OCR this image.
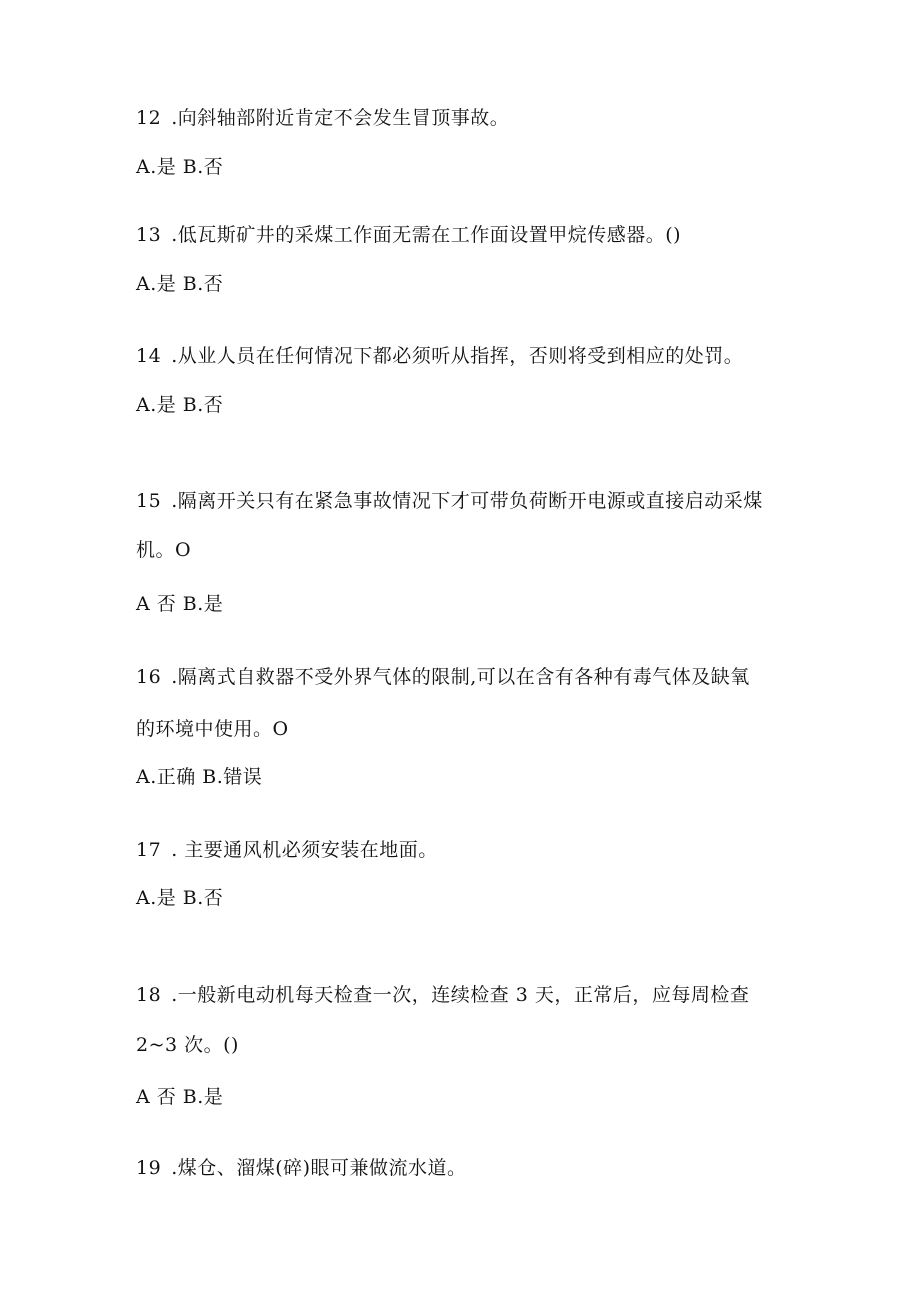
12 .向斜轴部附近肯定不会发生冒顶事故。
A.是 B.否
13 .低瓦斯矿井的采煤工作面无需在工作面设置甲烷传感器。()
A.是 B.否
14 .从业人员在任何情况下都必须听从指挥，否则将受到相应的处罚。
A.是 B.否
15 .隔离开关只有在紧急事故情况下才可带负荷断开电源或直接启动采煤
机。O
A 否 B.是
16 .隔离式自救器不受外界气体的限制,可以在含有各种有毒气体及缺氧
的环境中使用。O
A.正确 B.错误
17 . 主要通风机必须安装在地面。
A.是 B.否
18 .一般新电动机每天检查一次，连续检查 3 天，正常后，应每周检查
2~3 次。()
A 否 B.是
19 .煤仓、溜煤(碎)眼可兼做流水道。
